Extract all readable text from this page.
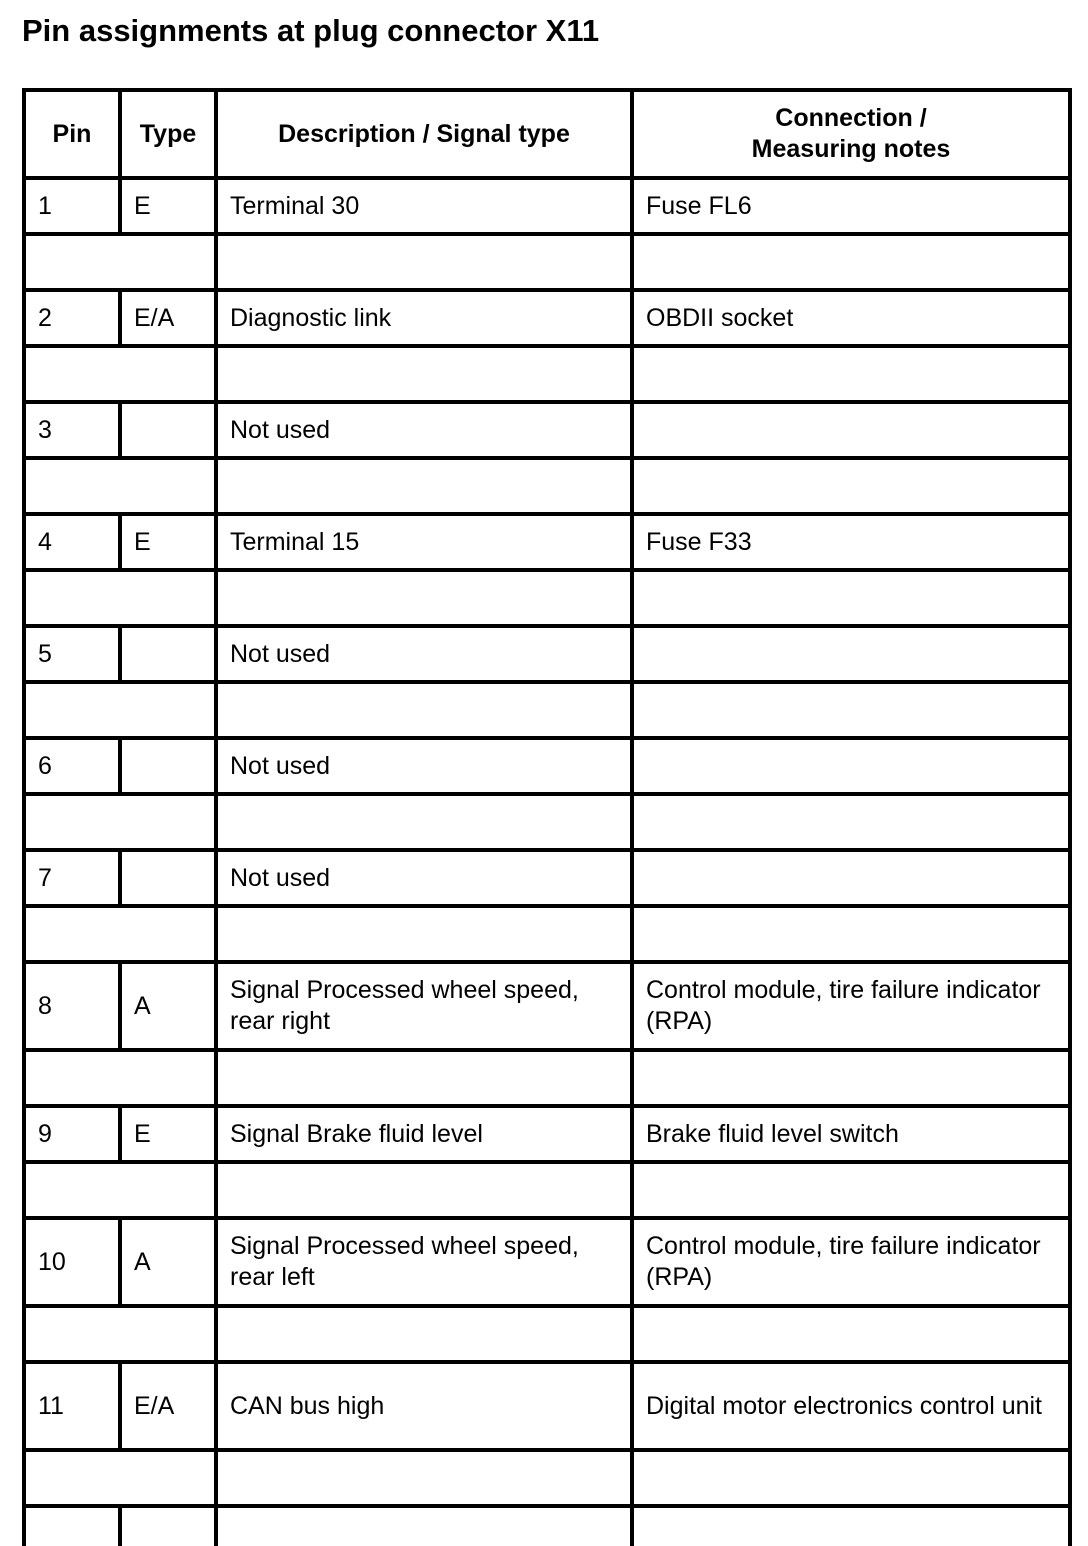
Pin assignments at plug connector X11
Pin	Type	Description / Signal type	Connection /
Measuring notes
1	E	Terminal 30	Fuse FL6

2	E/A	Diagnostic link	OBDII socket

3		Not used	

4	E	Terminal 15	Fuse F33

5		Not used	

6		Not used	

7		Not used	

8	A	Signal Processed wheel speed, rear right	Control module, tire failure indicator (RPA)

9	E	Signal Brake fluid level	Brake fluid level switch

10	A	Signal Processed wheel speed, rear left	Control module, tire failure indicator (RPA)

11	E/A	CAN bus high	Digital motor electronics control unit
